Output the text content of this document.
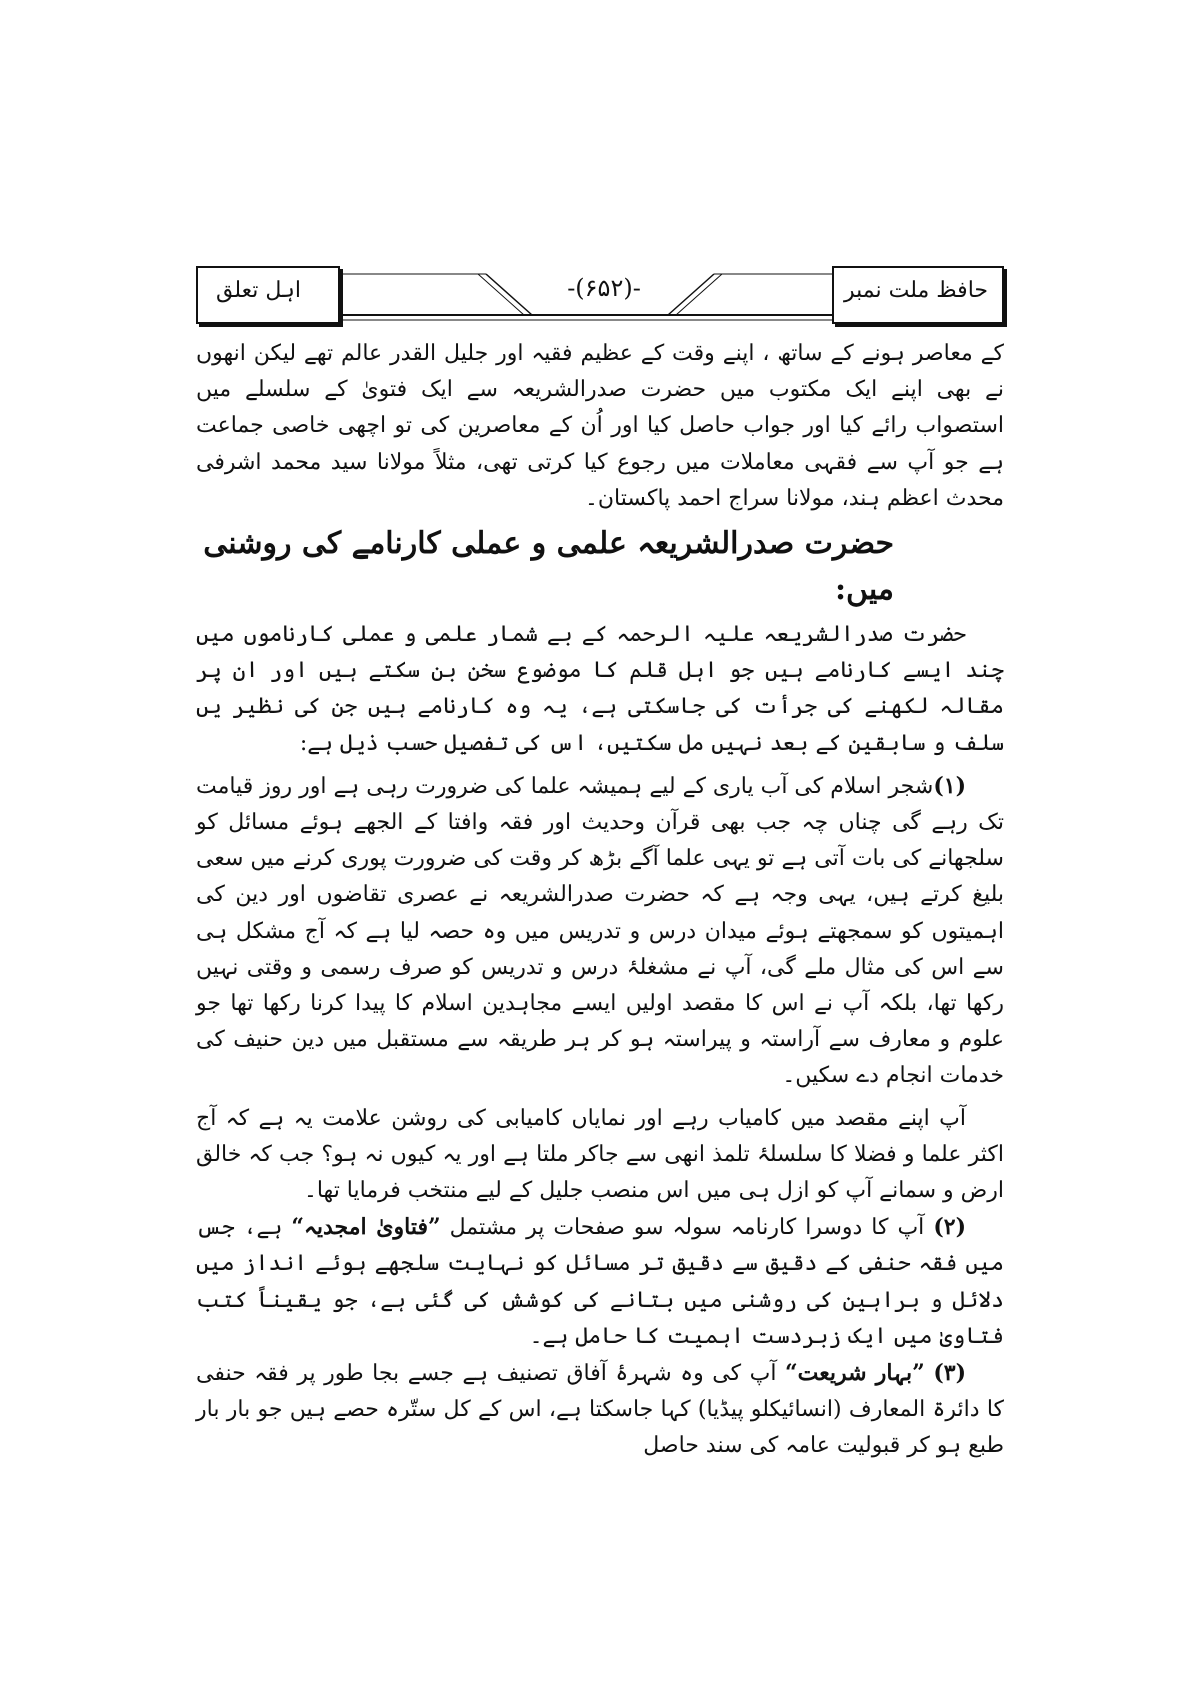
اہل تعلق	-(۶۵۲)-	حافظ ملت نمبر

کے معاصر ہونے کے ساتھ ، اپنے وقت کے عظیم فقیہ اور جلیل القدر عالم تھے لیکن انھوں نے بھی اپنے ایک مکتوب میں حضرت صدرالشریعہ سے ایک فتویٰ کے سلسلے میں استصواب رائے کیا اور جواب حاصل کیا اور اُن کے معاصرین کی تو اچھی خاصی جماعت ہے جو آپ سے فقہی معاملات میں رجوع کیا کرتی تھی، مثلاً مولانا سید محمد اشرفی محدث اعظم ہند، مولانا سراج احمد پاکستان۔

حضرت صدرالشریعہ علمی و عملی کارنامے کی روشنی میں:

حضرت صدرالشریعہ علیہ الرحمہ کے بے شمار علمی و عملی کارناموں میں چند ایسے کارنامے ہیں جو اہل قلم کا موضوع سخن بن سکتے ہیں اور ان پر مقالہ لکھنے کی جرأت کی جاسکتی ہے، یہ وہ کارنامے ہیں جن کی نظیر یں سلف و سابقین کے بعد نہیں مل سکتیں، اس کی تفصیل حسب ذیل ہے:

(۱)شجر اسلام کی آب یاری کے لیے ہمیشہ علما کی ضرورت رہی ہے اور روز قیامت تک رہے گی چناں چہ جب بھی قرآن وحدیث اور فقہ وافتا کے الجھے ہوئے مسائل کو سلجھانے کی بات آتی ہے تو یہی علما آگے بڑھ کر وقت کی ضرورت پوری کرنے میں سعی بلیغ کرتے ہیں، یہی وجہ ہے کہ حضرت صدرالشریعہ نے عصری تقاضوں اور دین کی اہمیتوں کو سمجھتے ہوئے میدان درس و تدریس میں وہ حصہ لیا ہے کہ آج مشکل ہی سے اس کی مثال ملے گی، آپ نے مشغلۂ درس و تدریس کو صرف رسمی و وقتی نہیں رکھا تھا، بلکہ آپ نے اس کا مقصد اولیں ایسے مجاہدین اسلام کا پیدا کرنا رکھا تھا جو علوم و معارف سے آراستہ و پیراستہ ہو کر ہر طریقہ سے مستقبل میں دین حنیف کی خدمات انجام دے سکیں۔

آپ اپنے مقصد میں کامیاب رہے اور نمایاں کامیابی کی روشن علامت یہ ہے کہ آج اکثر علما و فضلا کا سلسلۂ تلمذ انھی سے جاکر ملتا ہے اور یہ کیوں نہ ہو؟ جب کہ خالق ارض و سمانے آپ کو ازل ہی میں اس منصب جلیل کے لیے منتخب فرمایا تھا۔

(۲) آپ کا دوسرا کارنامہ سولہ سو صفحات پر مشتمل ”فتاویٰ امجدیہ“ ہے، جس میں فقہ حنفی کے دقیق سے دقیق تر مسائل کو نہایت سلجھے ہوئے انداز میں دلائل و براہین کی روشنی میں بتانے کی کوشش کی گئی ہے، جو یقیناً کتب فتاویٰ میں ایک زبردست اہمیت کا حامل ہے۔

(۳) ”بہار شریعت“ آپ کی وہ شہرۂ آفاق تصنیف ہے جسے بجا طور پر فقہ حنفی کا دائرۃ المعارف (انسائیکلو پیڈیا) کہا جاسکتا ہے، اس کے کل ستّرہ حصے ہیں جو بار بار طبع ہو کر قبولیت عامہ کی سند حاصل
